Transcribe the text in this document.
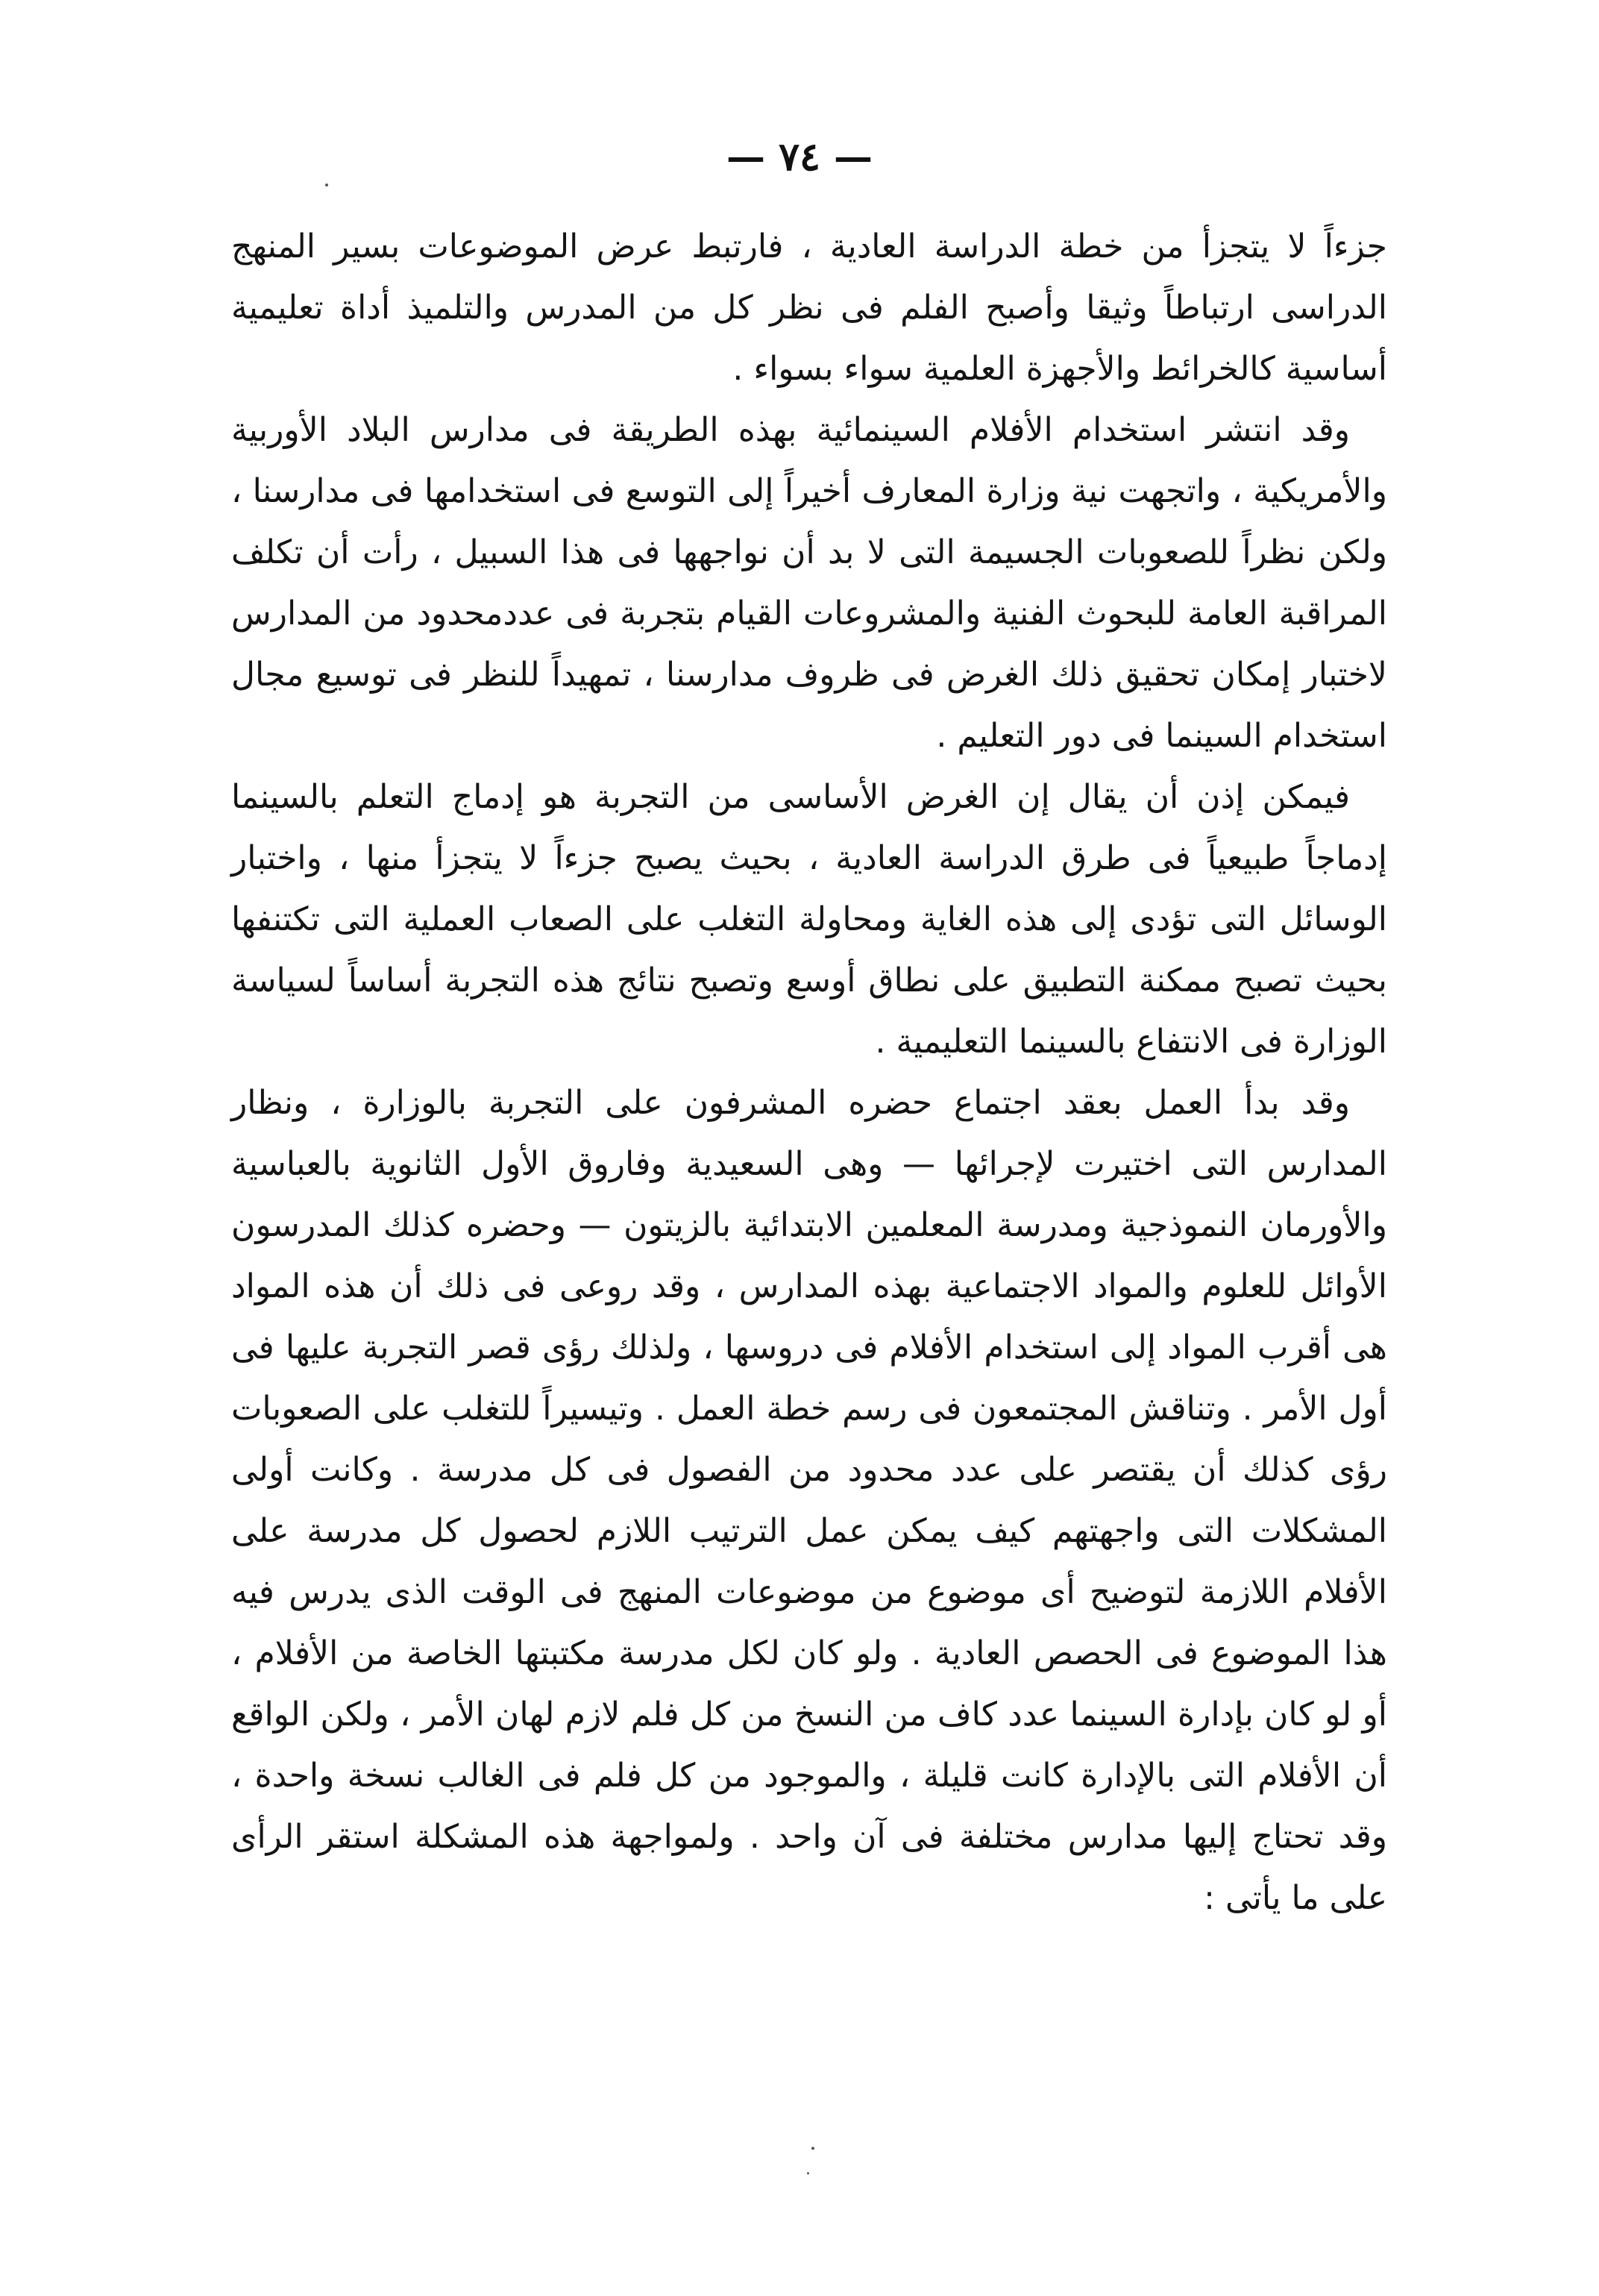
— ٧٤ —

جزءاً لا يتجزأ من خطة الدراسة العادية ، فارتبط عرض الموضوعات بسير المنهج الدراسى ارتباطاً وثيقا وأصبح الفلم فى نظر كل من المدرس والتلميذ أداة تعليمية أساسية كالخرائط والأجهزة العلمية سواء بسواء .

وقد انتشر استخدام الأفلام السينمائية بهذه الطريقة فى مدارس البلاد الأوربية والأمريكية ، واتجهت نية وزارة المعارف أخيراً إلى التوسع فى استخدامها فى مدارسنا ، ولكن نظراً للصعوبات الجسيمة التى لا بد أن نواجهها فى هذا السبيل ، رأت أن تكلف المراقبة العامة للبحوث الفنية والمشروعات القيام بتجربة فى عددمحدود من المدارس لاختبار إمكان تحقيق ذلك الغرض فى ظروف مدارسنا ، تمهيداً للنظر فى توسيع مجال استخدام السينما فى دور التعليم .

فيمكن إذن أن يقال إن الغرض الأساسى من التجربة هو إدماج التعلم بالسينما إدماجاً طبيعياً فى طرق الدراسة العادية ، بحيث يصبح جزءاً لا يتجزأ منها ، واختبار الوسائل التى تؤدى إلى هذه الغاية ومحاولة التغلب على الصعاب العملية التى تكتنفها بحيث تصبح ممكنة التطبيق على نطاق أوسع وتصبح نتائج هذه التجربة أساساً لسياسة الوزارة فى الانتفاع بالسينما التعليمية .

وقد بدأ العمل بعقد اجتماع حضره المشرفون على التجربة بالوزارة ، ونظار المدارس التى اختيرت لإجرائها — وهى السعيدية وفاروق الأول الثانوية بالعباسية والأورمان النموذجية ومدرسة المعلمين الابتدائية بالزيتون — وحضره كذلك المدرسون الأوائل للعلوم والمواد الاجتماعية بهذه المدارس ، وقد روعى فى ذلك أن هذه المواد هى أقرب المواد إلى استخدام الأفلام فى دروسها ، ولذلك رؤى قصر التجربة عليها فى أول الأمر . وتناقش المجتمعون فى رسم خطة العمل . وتيسيراً للتغلب على الصعوبات رؤى كذلك أن يقتصر على عدد محدود من الفصول فى كل مدرسة . وكانت أولى المشكلات التى واجهتهم كيف يمكن عمل الترتيب اللازم لحصول كل مدرسة على الأفلام اللازمة لتوضيح أى موضوع من موضوعات المنهج فى الوقت الذى يدرس فيه هذا الموضوع فى الحصص العادية . ولو كان لكل مدرسة مكتبتها الخاصة من الأفلام ، أو لو كان بإدارة السينما عدد كاف من النسخ من كل فلم لازم لهان الأمر ، ولكن الواقع أن الأفلام التى بالإدارة كانت قليلة ، والموجود من كل فلم فى الغالب نسخة واحدة ، وقد تحتاج إليها مدارس مختلفة فى آن واحد . ولمواجهة هذه المشكلة استقر الرأى على ما يأتى :
